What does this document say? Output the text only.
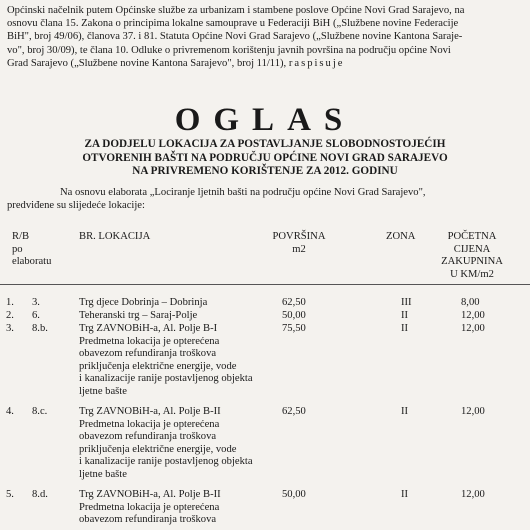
Općinski načelnik putem Općinske službe za urbanizam i stambene poslove Općine Novi Grad Sarajevo, na
osnovu člana 15. Zakona o principima lokalne samouprave u Federaciji BiH („Službene novine Federacije
BiH", broj 49/06), članova 37. i 81. Statuta Općine Novi Grad Sarajevo („Službene novine Kantona Saraje-
vo", broj 30/09), te člana 10. Odluke o privremenom korištenju javnih površina na području općine Novi
Grad Sarajevo („Službene novine Kantona Sarajevo", broj 11/11), raspisuje
OGLAS
ZA DODJELU LOKACIJA ZA POSTAVLJANJE SLOBODNOSTOJEĆIH
OTVORENIH BAŠTI NA PODRUČJU OPĆINE NOVI GRAD SARAJEVO
NA PRIVREMENO KORIŠTENJE ZA 2012. GODINU
Na osnovu elaborata „Lociranje ljetnih bašti na području općine Novi Grad Sarajevo",
predviđene su slijedeće lokacije:
R/B
po
elaboratu
BR. LOKACIJA	POVRŠINA
m2
ZONA	POČETNA
CIJENA
ZAKUPNINA
U KM/m2
1. 3.	Trg djece Dobrinja – Dobrinja	62,50	III	8,00
2. 6.	Teheranski trg – Saraj-Polje	50,00	II	12,00
3. 8.b.	Trg ZAVNOBiH-a, Al. Polje B-I	75,50	II	12,00
Predmetna lokacija je opterećena
obavezom refundiranja troškova
priključenja električne energije, vode
i kanalizacije ranije postavljenog objekta
ljetne bašte
4. 8.c.	Trg ZAVNOBiH-a, Al. Polje B-II	62,50	II	12,00
Predmetna lokacija je opterećena
obavezom refundiranja troškova
priključenja električne energije, vode
i kanalizacije ranije postavljenog objekta
ljetne bašte
5. 8.d.	Trg ZAVNOBiH-a, Al. Polje B-II	50,00	II	12,00
Predmetna lokacija je opterećena
obavezom refundiranja troškova
